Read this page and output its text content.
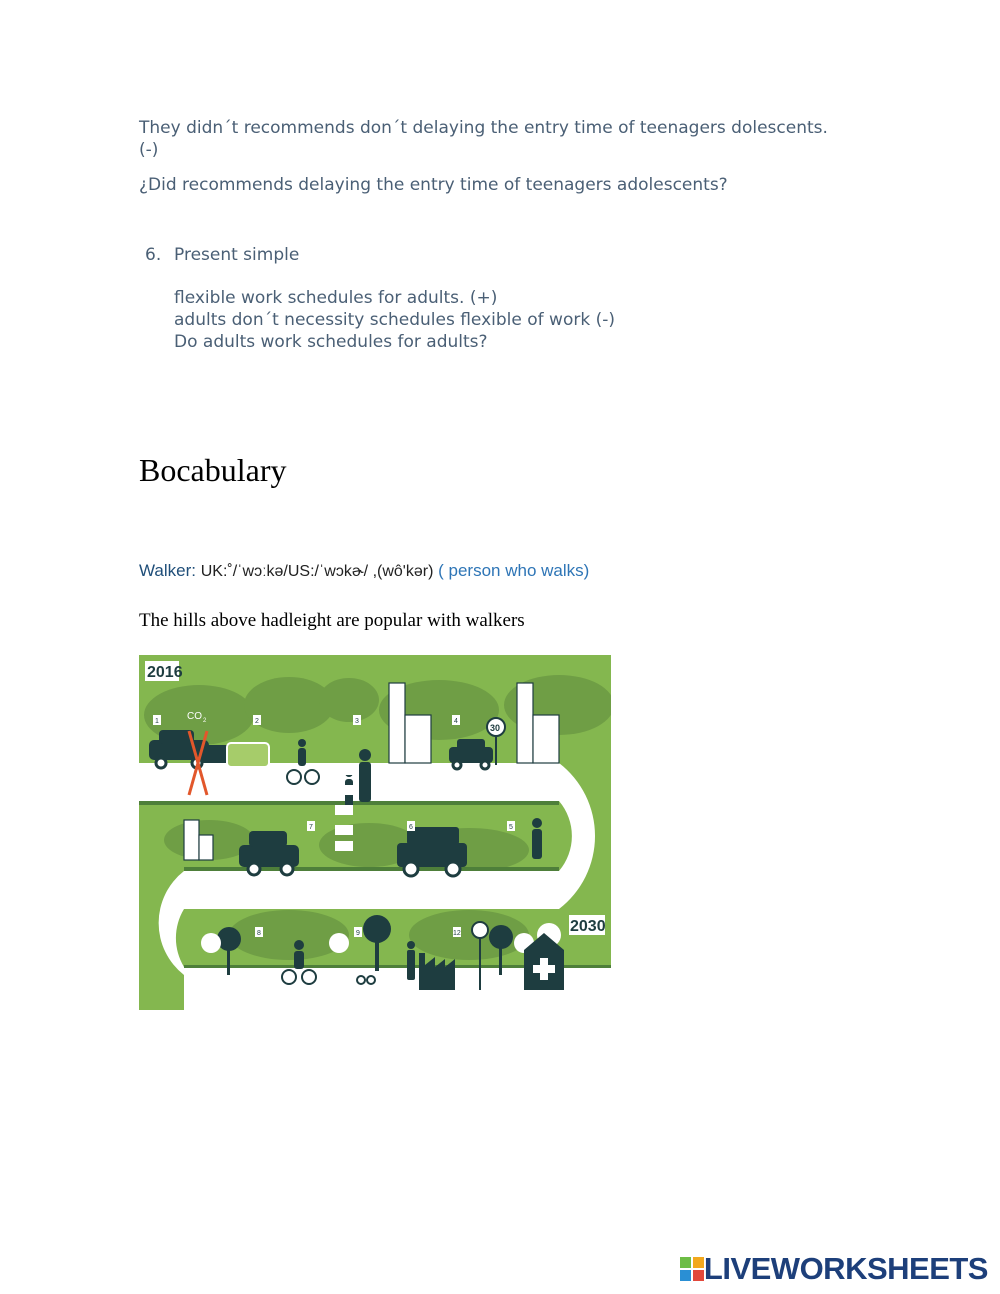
They didn´t recommends don´t delaying the entry time of teenagers dolescents. (-)
¿Did recommends delaying the entry time of teenagers adolescents?
6. Present simple
flexible work schedules for adults. (+)
adults don´t necessity schedules flexible of work (-)
Do adults work schedules for adults?
Bocabulary
Walker: UK:˚/ˈwɔːkə/US:/ˈwɔkɚ/ ,(wôʹkər) ( person who walks)
The hills above hadleight are popular with walkers
2016
2030
CO 2
30
1	2	3	4
5
6
7
8	9	12
LIVEWORKSHEETS
